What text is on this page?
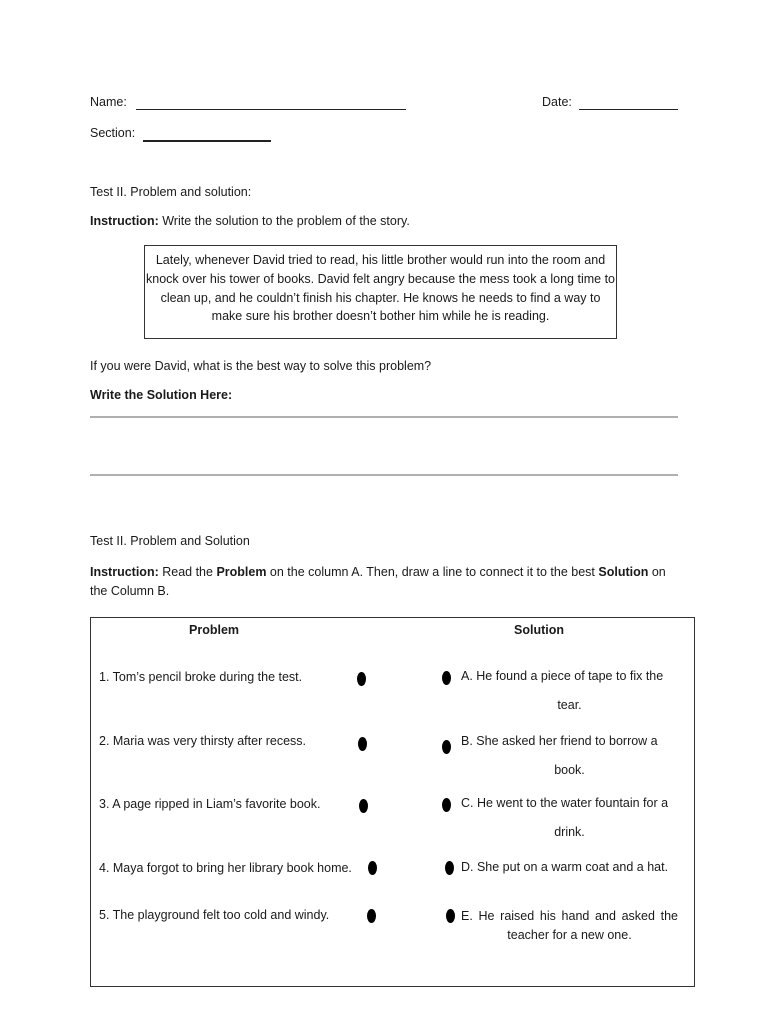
Name:	Date:
Section:
Test II. Problem and solution:
Instruction: Write the solution to the problem of the story.
Lately, whenever David tried to read, his little brother would run into the room and knock over his tower of books. David felt angry because the mess took a long time to clean up, and he couldn’t finish his chapter. He knows he needs to find a way to make sure his brother doesn’t bother him while he is reading.
If you were David, what is the best way to solve this problem?
Write the Solution Here:
Test II. Problem and Solution
Instruction: Read the Problem on the column A. Then, draw a line to connect it to the best Solution on
the Column B.
Problem	Solution
1. Tom’s pencil broke during the test.
2. Maria was very thirsty after recess.
3. A page ripped in Liam’s favorite book.
4. Maya forgot to bring her library book home.
5. The playground felt too cold and windy.
A. He found a piece of tape to fix the
tear.
B. She asked her friend to borrow a
book.
C. He went to the water fountain for a
drink.
D. She put on a warm coat and a hat.
E. He raised his hand and asked the
teacher for a new one.
